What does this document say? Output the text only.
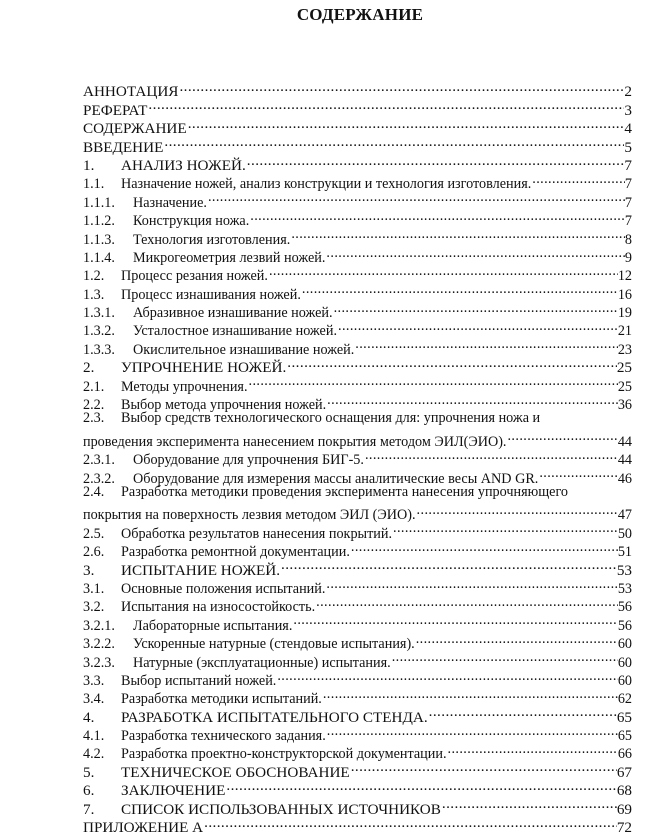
СОДЕРЖАНИЕ
АННОТАЦИЯ .....	2
РЕФЕРАТ .....	3
СОДЕРЖАНИЕ .....	4
ВВЕДЕНИЕ .....	5
1.	АНАЛИЗ НОЖЕЙ. .....	7
1.1.	Назначение ножей, анализ конструкции и технология изготовления. .....	7
1.1.1.	Назначение. .....	7
1.1.2.	Конструкция ножа. .....	7
1.1.3.	Технология изготовления. .....	8
1.1.4.	Микрогеометрия лезвий ножей. .....	9
1.2.	Процесс резания ножей. .....	12
1.3.	Процесс изнашивания ножей. .....	16
1.3.1.	Абразивное изнашивание ножей. .....	19
1.3.2.	Усталостное изнашивание ножей. .....	21
1.3.3.	Окислительное изнашивание ножей. .....	23
2.	УПРОЧНЕНИЕ НОЖЕЙ. .....	25
2.1.	Методы упрочнения. .....	25
2.2.	Выбор метода упрочнения ножей. .....	36
2.3.	Выбор средств технологического оснащения для: упрочнения ножа и
проведения эксперимента нанесением покрытия методом ЭИЛ(ЭИО). .....	44
2.3.1.	Оборудование для упрочнения БИГ-5. .....	44
2.3.2.	Оборудование для измерения массы аналитические весы AND GR. .....	46
2.4.	Разработка методики проведения эксперимента нанесения упрочняющего
покрытия на поверхность лезвия методом ЭИЛ (ЭИО). .....	47
2.5.	Обработка результатов нанесения покрытий. .....	50
2.6.	Разработка ремонтной документации. .....	51
3.	ИСПЫТАНИЕ НОЖЕЙ. .....	53
3.1.	Основные положения испытаний. .....	53
3.2.	Испытания на износостойкость. .....	56
3.2.1.	Лабораторные испытания. .....	56
3.2.2.	Ускоренные натурные (стендовые испытания). .....	60
3.2.3.	Натурные (эксплуатационные) испытания. .....	60
3.3.	Выбор испытаний ножей. .....	60
3.4.	Разработка методики испытаний. .....	62
4.	РАЗРАБОТКА ИСПЫТАТЕЛЬНОГО СТЕНДА. .....	65
4.1.	Разработка технического задания. .....	65
4.2.	Разработка проектно-конструкторской документации. .....	66
5.	ТЕХНИЧЕСКОЕ ОБОСНОВАНИЕ .....	67
6.	ЗАКЛЮЧЕНИЕ .....	68
7.	СПИСОК ИСПОЛЬЗОВАННЫХ ИСТОЧНИКОВ .....	69
ПРИЛОЖЕНИЕ А .....	72
